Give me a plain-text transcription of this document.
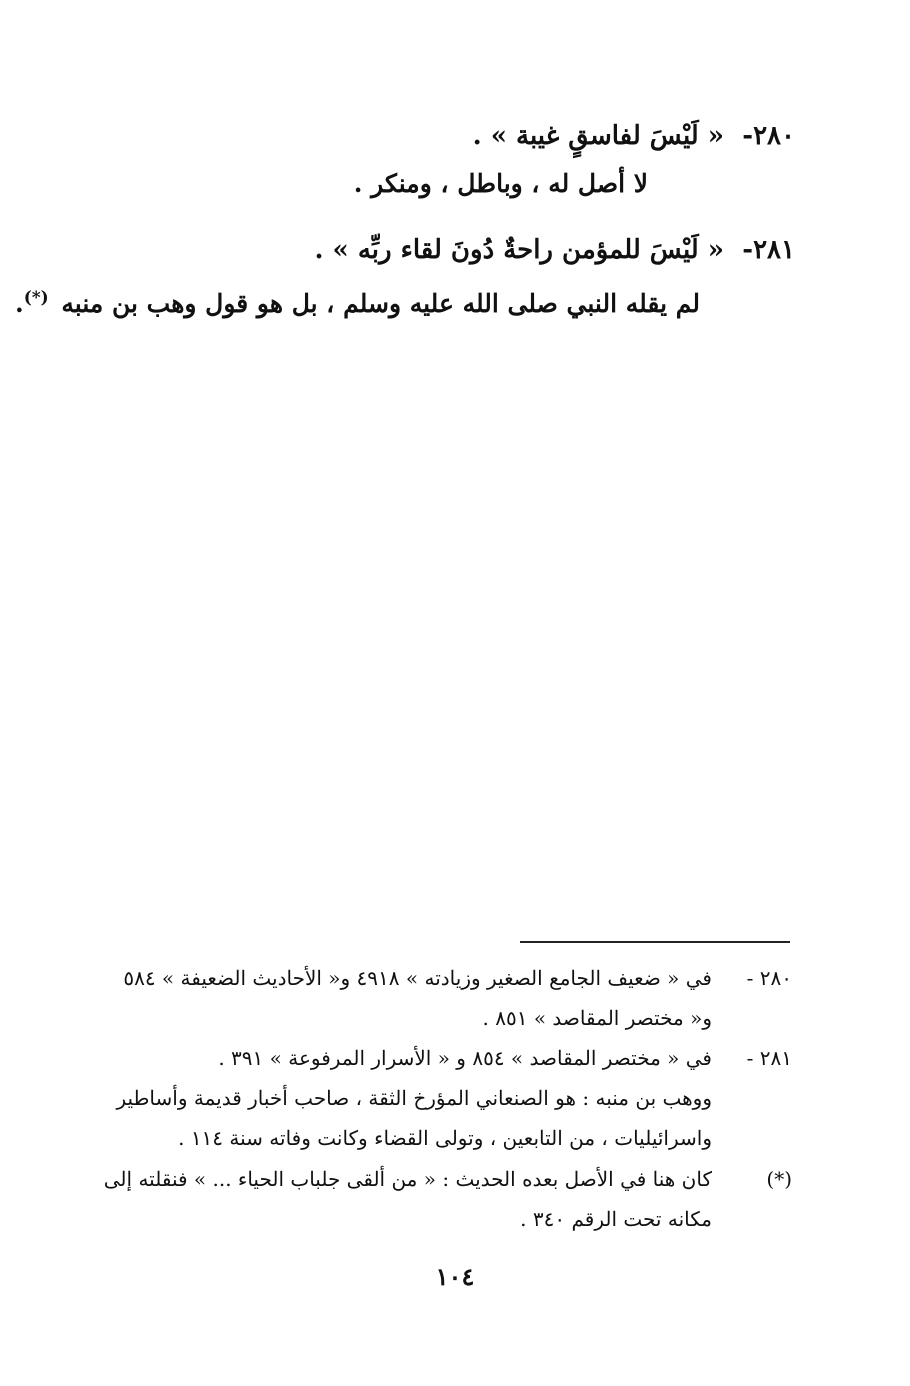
٢٨٠- « لَيْسَ لفاسقٍ غيبة » .
لا أصل له ، وباطل ، ومنكر .
٢٨١- « لَيْسَ للمؤمن راحةٌ دُونَ لقاء ربِّه » .
لم يقله النبي صلى الله عليه وسلم ، بل هو قول وهب بن منبه (*).
٢٨٠ -
في « ضعيف الجامع الصغير وزيادته » ٤٩١٨ و« الأحاديث الضعيفة » ٥٨٤
و« مختصر المقاصد » ٨٥١ .
٢٨١ -
في « مختصر المقاصد » ٨٥٤ و « الأسرار المرفوعة » ٣٩١ .
ووهب بن منبه : هو الصنعاني المؤرخ الثقة ، صاحب أخبار قديمة وأساطير
واسرائيليات ، من التابعين ، وتولى القضاء وكانت وفاته سنة ١١٤ .
(*)
كان هنا في الأصل بعده الحديث : « من ألقى جلباب الحياء ... » فنقلته إلى
مكانه تحت الرقم ٣٤٠ .
١٠٤
